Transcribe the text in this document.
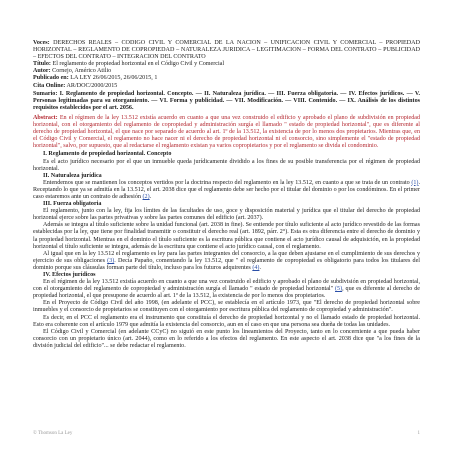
Voces: DERECHOS REALES – CODIGO CIVIL Y COMERCIAL DE LA NACION – UNIFICACION CIVIL Y COMERCIAL – PROPIEDAD HORIZONTAL – REGLAMENTO DE COPROPIEDAD – NATURALEZA JURIDICA – LEGITIMACION – FORMA DEL CONTRATO – PUBLICIDAD – EFECTOS DEL CONTRATO – INTEGRACION DEL CONTRATO

Título: El reglamento de propiedad horizontal en el Código Civil y Comercial

Autor: Cornejo, Américo Atilio

Publicado en: LA LEY 26/06/2015, 26/06/2015, 1

Cita Online: AR/DOC/2000/2015

Sumario: I. Reglamento de propiedad horizontal. Concepto. — II. Naturaleza jurídica. — III. Fuerza obligatoria. — IV. Efectos jurídicos. — V. Personas legitimadas para su otorgamiento. — VI. Forma y publicidad. — VII. Modificación. — VIII. Contenido. — IX. Análisis de los distintos requisitos establecidos por el art. 2056.
Abstract: En el régimen de la ley 13.512 existía acuerdo en cuanto a que una vez construido el edificio y aprobado el plano de subdivisión en propiedad horizontal, con el otorgamiento del reglamento de copropiedad y administración surgía el llamado " estado de propiedad horizontal", que es diferente al derecho de propiedad horizontal, el que nace por separado de acuerdo al art. 1º de la 13.512, la existencia de por lo menos dos propietarios. Mientras que, en el Código Civil y Comercial, el reglamento no hace nacer ni el derecho de propiedad horizontal ni el consorcio, sino simplemente el "estado de propiedad horizontal", salvo, por supuesto, que al redactarse el reglamento existan ya varios copropietarios y por el reglamento se divida el condominio.
I. Reglamento de propiedad horizontal. Concepto

Es el acto jurídico necesario por el que un inmueble queda jurídicamente dividido a los fines de su posible transferencia por el régimen de propiedad horizontal.

II. Naturaleza jurídica

Entendemos que se mantienen los conceptos vertidos por la doctrina respecto del reglamento en la ley 13.512, en cuanto a que se trata de un contrato (1). Receptando lo que ya se admitía en la 13.512, el art. 2038 dice que el reglamento debe ser hecho por el titular del dominio o por los condóminos. En el primer caso estaremos ante un contrato de adhesión (2).

III. Fuerza obligatoria

El reglamento, junto con la ley, fija los límites de las facultades de uso, goce y disposición material y jurídica que el titular del derecho de propiedad horizontal ejerce sobre las partes privativas y sobre las partes comunes del edificio (art. 2037).

Además se integra al título suficiente sobre la unidad funcional (art. 2038 in fine). Se entiende por título suficiente al acto jurídico revestido de las formas establecidas por la ley, que tiene por finalidad transmitir o constituir el derecho real (art. 1892, párr. 2°). Esta es otra diferencia entre el derecho de dominio y la propiedad horizontal. Mientras en el dominio el título suficiente es la escritura pública que contiene el acto jurídico causal de adquisición, en la propiedad horizontal el título suficiente se integra, además de la escritura que contiene el acto jurídico causal, con el reglamento.

Al igual que en la ley 13.512 el reglamento es ley para las partes integrantes del consorcio, a la que deben ajustarse en el cumplimiento de sus derechos y ejercicio de sus obligaciones (3). Decía Papaño, comentando la ley 13.512, que " el reglamento de copropiedad es obligatorio para todos los titulares del dominio porque sus cláusulas forman parte del título, incluso para los futuros adquirentes (4).

IV. Efectos jurídicos

En el régimen de la ley 13.512 existía acuerdo en cuanto a que una vez construido el edificio y aprobado el plano de subdivisión en propiedad horizontal, con el otorgamiento del reglamento de copropiedad y administración surgía el llamado " estado de propiedad horizontal" (5), que es diferente al derecho de propiedad horizontal, el que presupone de acuerdo al art. 1º de la 13.512, la existencia de por lo menos dos propietarios.

En el Proyecto de Código Civil del año 1998, (en adelante el PCC), se establecía en el artículo 1973, que "El derecho de propiedad horizontal sobre inmuebles y el consorcio de propietarios se constituyen con el otorgamiento por escritura pública del reglamento de copropiedad y administración".

Es decir, en el PCC el reglamento era el instrumento que constituía el derecho de propiedad horizontal y no el llamado estado de propiedad horizontal. Esto era coherente con el artículo 1979 que admitía la existencia del consorcio, aun en el caso en que una persona sea dueña de todas las unidades.

El Código Civil y Comercial (en adelante CCyC) no siguió en este punto los lineamientos del Proyecto, tanto en lo concerniente a que pueda haber consorcio con un propietario único (art. 2044), como en lo referido a los efectos del reglamento. En este aspecto el art. 2038 dice que "a los fines de la división judicial del edificio"... se debe redactar el reglamento.

© Thomson La Ley	1
